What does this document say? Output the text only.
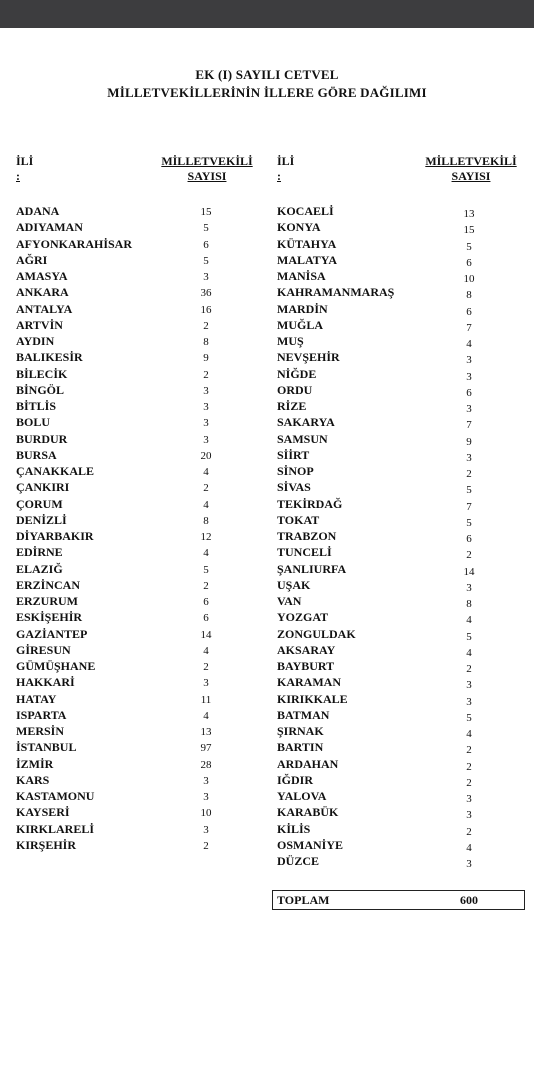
EK (I) SAYILI CETVEL
MİLLETVEKİLLERİNİN İLLERE GÖRE DAĞILIMI
İLİ
:
MİLLETVEKİLİ
SAYISI
İLİ
:
MİLLETVEKİLİ
SAYISI
ADANA	15
ADIYAMAN	5
AFYONKARAHİSAR	6
AĞRI	5
AMASYA	3
ANKARA	36
ANTALYA	16
ARTVİN	2
AYDIN	8
BALIKESİR	9
BİLECİK	2
BİNGÖL	3
BİTLİS	3
BOLU	3
BURDUR	3
BURSA	20
ÇANAKKALE	4
ÇANKIRI	2
ÇORUM	4
DENİZLİ	8
DİYARBAKIR	12
EDİRNE	4
ELAZIĞ	5
ERZİNCAN	2
ERZURUM	6
ESKİŞEHİR	6
GAZİANTEP	14
GİRESUN	4
GÜMÜŞHANE	2
HAKKARİ	3
HATAY	11
ISPARTA	4
MERSİN	13
İSTANBUL	97
İZMİR	28
KARS	3
KASTAMONU	3
KAYSERİ	10
KIRKLARELİ	3
KIRŞEHİR	2
KOCAELİ	13
KONYA	15
KÜTAHYA	5
MALATYA	6
MANİSA	10
KAHRAMANMARAŞ	8
MARDİN	6
MUĞLA	7
MUŞ	4
NEVŞEHİR	3
NİĞDE	3
ORDU	6
RİZE	3
SAKARYA	7
SAMSUN	9
SİİRT	3
SİNOP	2
SİVAS	5
TEKİRDAĞ	7
TOKAT	5
TRABZON	6
TUNCELİ	2
ŞANLIURFA	14
UŞAK	3
VAN	8
YOZGAT	4
ZONGULDAK	5
AKSARAY	4
BAYBURT	2
KARAMAN	3
KIRIKKALE	3
BATMAN	5
ŞIRNAK	4
BARTIN	2
ARDAHAN	2
IĞDIR	2
YALOVA	3
KARABÜK	3
KİLİS	2
OSMANİYE	4
DÜZCE	3
TOPLAM	600
